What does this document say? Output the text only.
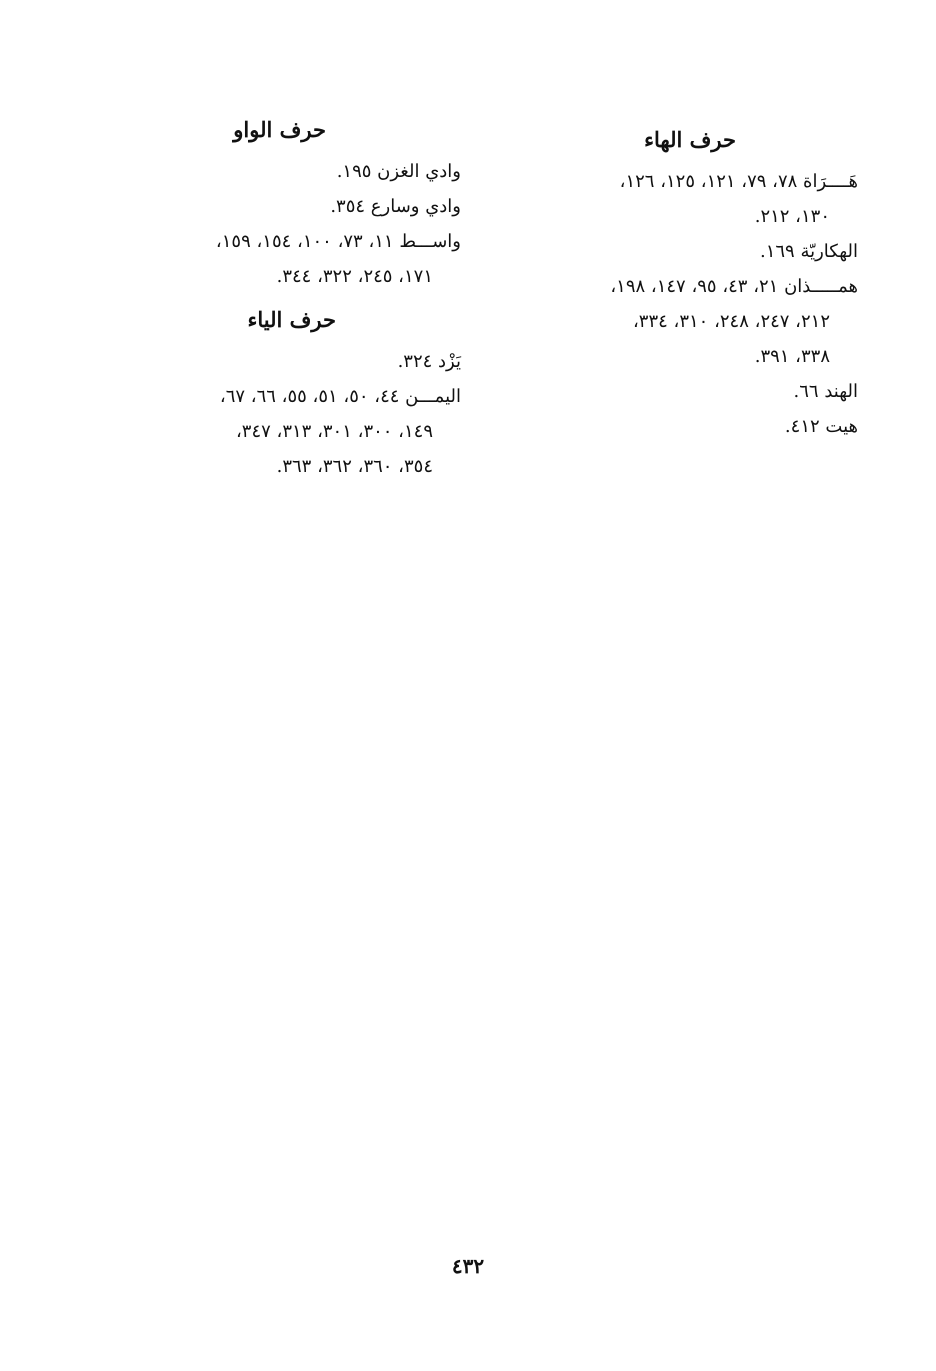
حرف الهاء

هَــــرَاة ٧٨، ٧٩، ١٢١، ١٢٥، ١٢٦،
١٣٠، ٢١٢.

الهكاريّة ١٦٩.

همـــــذان ٢١، ٤٣، ٩٥، ١٤٧، ١٩٨،
٢١٢، ٢٤٧، ٢٤٨، ٣١٠، ٣٣٤،
٣٣٨، ٣٩١.

الهند ٦٦.

هيت ٤١٢.

حرف الواو

وادي الغزن ١٩٥.

وادي وسارع ٣٥٤.

واســـط ١١، ٧٣، ١٠٠، ١٥٤، ١٥٩،
١٧١، ٢٤٥، ٣٢٢، ٣٤٤.

حرف الياء

يَزْد ٣٢٤.

اليمـــن ٤٤، ٥٠، ٥١، ٥٥، ٦٦، ٦٧،
١٤٩، ٣٠٠، ٣٠١، ٣١٣، ٣٤٧،
٣٥٤، ٣٦٠، ٣٦٢، ٣٦٣.

٤٣٢
